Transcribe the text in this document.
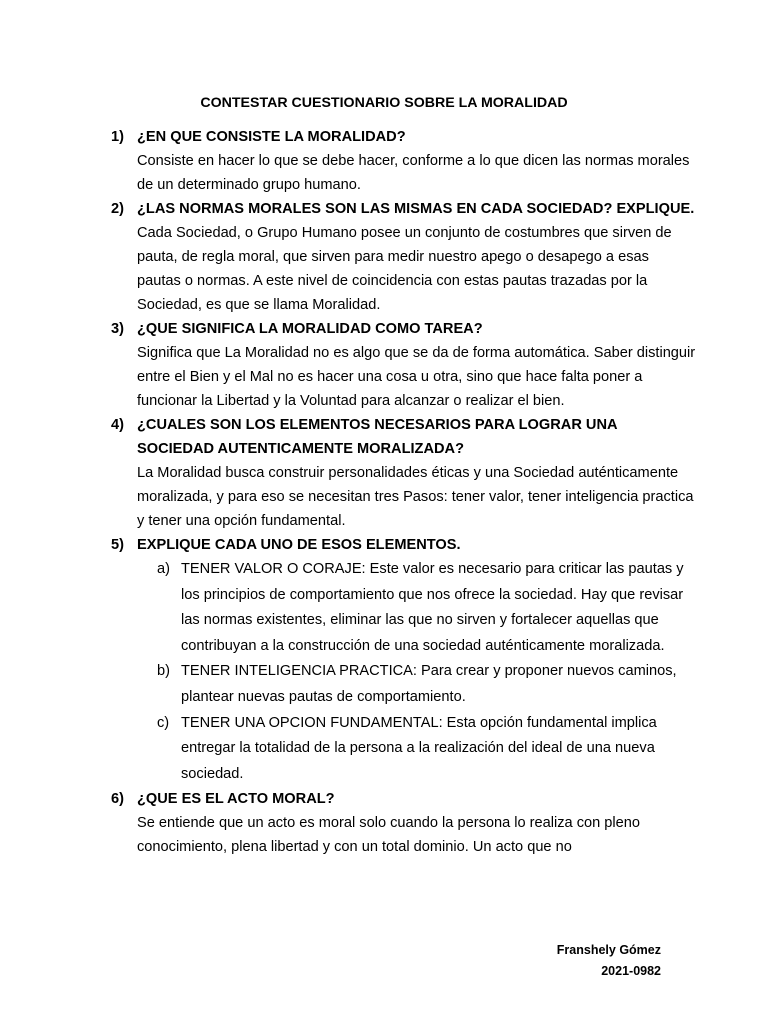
CONTESTAR CUESTIONARIO SOBRE LA MORALIDAD
1) ¿EN QUE CONSISTE LA MORALIDAD?
Consiste en hacer lo que se debe hacer, conforme a lo que dicen las normas morales de un determinado grupo humano.
2) ¿LAS NORMAS MORALES SON LAS MISMAS EN CADA SOCIEDAD? EXPLIQUE.
Cada Sociedad, o Grupo Humano posee un conjunto de costumbres que sirven de pauta, de regla moral, que sirven para medir nuestro apego o desapego a esas pautas o normas. A este nivel de coincidencia con estas pautas trazadas por la Sociedad, es que se llama Moralidad.
3) ¿QUE SIGNIFICA LA MORALIDAD COMO TAREA?
Significa que La Moralidad no es algo que se da de forma automática. Saber distinguir entre el Bien y el Mal no es hacer una cosa u otra, sino que hace falta poner a funcionar la Libertad y la Voluntad para alcanzar o realizar el bien.
4) ¿CUALES SON LOS ELEMENTOS NECESARIOS PARA LOGRAR UNA SOCIEDAD AUTENTICAMENTE MORALIZADA?
La Moralidad busca construir personalidades éticas y una Sociedad auténticamente moralizada, y para eso se necesitan tres Pasos: tener valor, tener inteligencia practica y tener una opción fundamental.
5) EXPLIQUE CADA UNO DE ESOS ELEMENTOS.
a) TENER VALOR O CORAJE: Este valor es necesario para criticar las pautas y los principios de comportamiento que nos ofrece la sociedad. Hay que revisar las normas existentes, eliminar las que no sirven y fortalecer aquellas que contribuyan a la construcción de una sociedad auténticamente moralizada.
b) TENER INTELIGENCIA PRACTICA: Para crear y proponer nuevos caminos, plantear nuevas pautas de comportamiento.
c) TENER UNA OPCION FUNDAMENTAL: Esta opción fundamental implica entregar la totalidad de la persona a la realización del ideal de una nueva sociedad.
6) ¿QUE ES EL ACTO MORAL?
Se entiende que un acto es moral solo cuando la persona lo realiza con pleno conocimiento, plena libertad y con un total dominio. Un acto que no
Franshely Gómez
2021-0982
